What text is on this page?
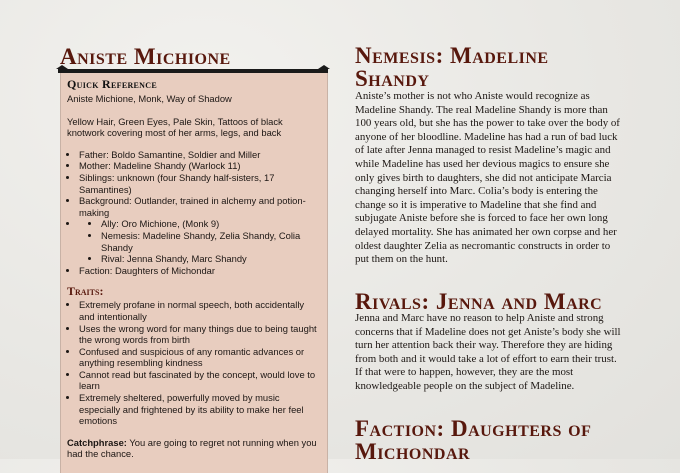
Aniste Michione
Quick Reference

Aniste Michione, Monk, Way of Shadow

Yellow Hair, Green Eyes, Pale Skin, Tattoos of black knotwork covering most of her arms, legs, and back

• Father: Boldo Samantine, Soldier and Miller
• Mother: Madeline Shandy (Warlock 11)
• Siblings: unknown (four Shandy half-sisters, 17 Samantines)
• Background: Outlander, trained in alchemy and potion-making
• • Ally: Oro Michione, (Monk 9)
• Nemesis: Madeline Shandy, Zelia Shandy, Colia Shandy
• Rival: Jenna Shandy, Marc Shandy
• Faction: Daughters of Michondar
Traits:
• Extremely profane in normal speech, both accidentally and intentionally
• Uses the wrong word for many things due to being taught the wrong words from birth
• Confused and suspicious of any romantic advances or anything resembling kindness
• Cannot read but fascinated by the concept, would love to learn
• Extremely sheltered, powerfully moved by music especially and frightened by its ability to make her feel emotions

Catchphrase: You are going to regret not running when you had the chance.

Nemesis: Madeline Shandy

Aniste’s mother is not who Aniste would recognize as Madeline Shandy. The real Madeline Shandy is more than 100 years old, but she has the power to take over the body of anyone of her bloodline. Madeline has had a run of bad luck of late after Jenna managed to resist Madeline’s magic and while Madeline has used her devious magics to ensure she only gives birth to daughters, she did not anticipate Marcia changing herself into Marc. Colia’s body is entering the change so it is imperative to Madeline that she find and subjugate Aniste before she is forced to face her own long delayed mortality. She has animated her own corpse and her oldest daughter Zelia as necromantic constructs in order to put them on the hunt.

Rivals: Jenna and Marc

Jenna and Marc have no reason to help Aniste and strong concerns that if Madeline does not get Aniste’s body she will turn her attention back their way. Therefore they are hiding from both and it would take a lot of effort to earn their trust. If that were to happen, however, they are the most knowledgeable people on the subject of Madeline.

Faction: Daughters of Michondar
